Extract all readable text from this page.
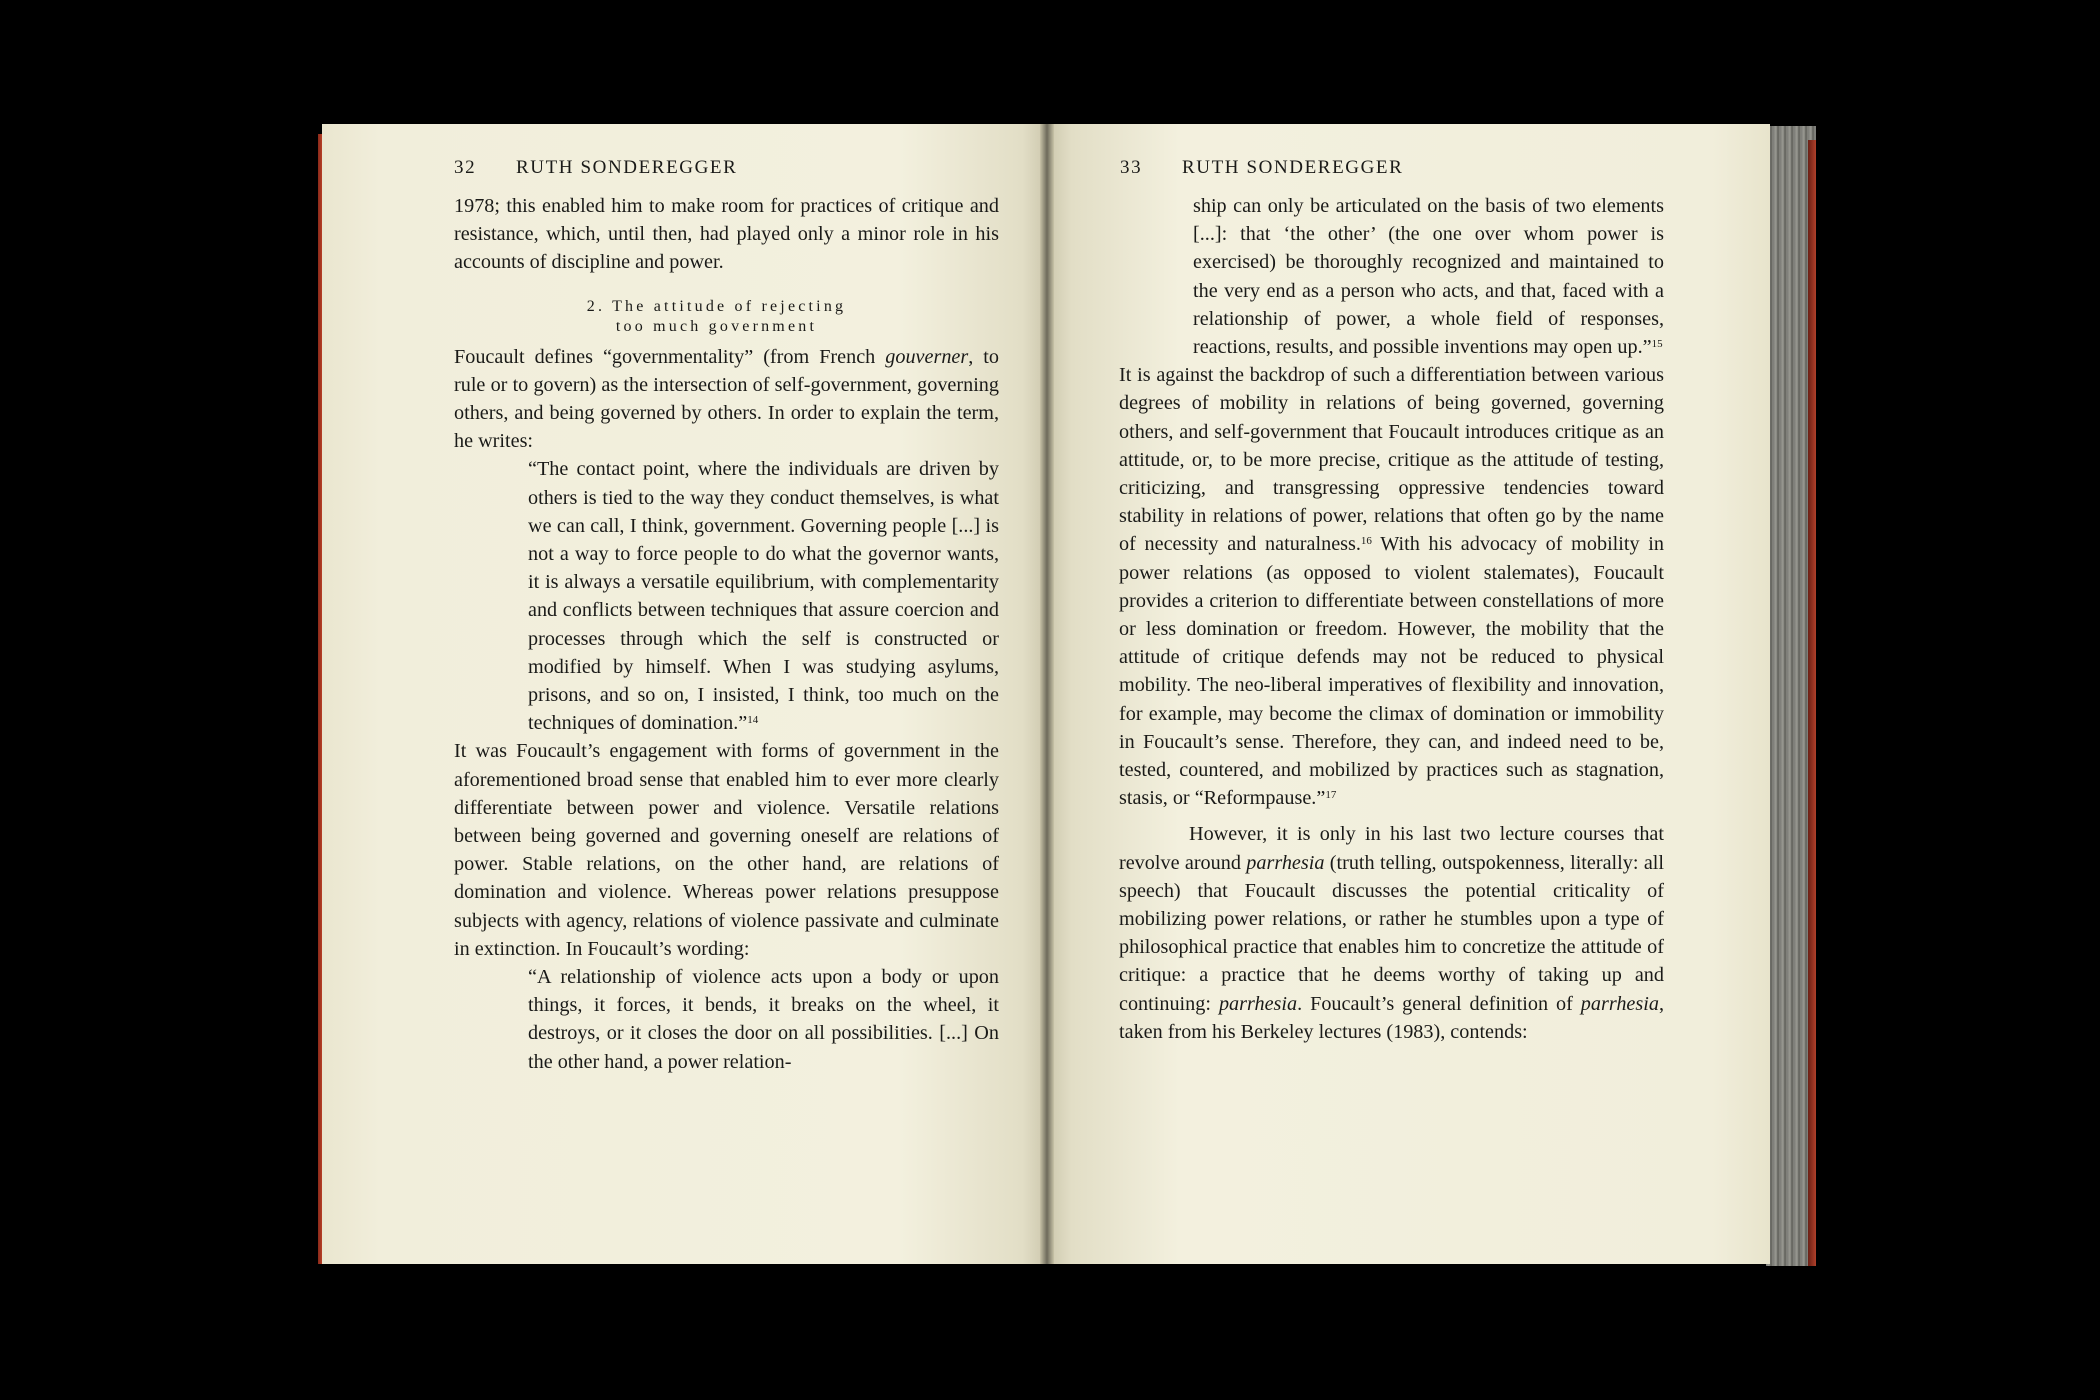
32 RUTH SONDEREGGER

1978; this enabled him to make room for practices of critique and resistance, which, until then, had played only a minor role in his accounts of discipline and power.

2. The attitude of rejecting
too much government

Foucault defines “governmentality” (from French gouverner, to rule or to govern) as the intersection of self-government, governing others, and being governed by others. In order to explain the term, he writes:

“The contact point, where the individuals are driven by others is tied to the way they conduct themselves, is what we can call, I think, government. Governing people [...] is not a way to force people to do what the governor wants, it is always a versatile equilibrium, with complementarity and conflicts between techniques that assure coercion and processes through which the self is constructed or modified by himself. When I was studying asylums, prisons, and so on, I insisted, I think, too much on the techniques of domination.”$^{14}$

It was Foucault’s engagement with forms of government in the aforementioned broad sense that enabled him to ever more clearly differentiate between power and violence. Versatile relations between being governed and governing oneself are relations of power. Stable relations, on the other hand, are relations of domination and violence. Whereas power relations presuppose subjects with agency, relations of violence passivate and culminate in extinction. In Foucault’s wording:

“A relationship of violence acts upon a body or upon things, it forces, it bends, it breaks on the wheel, it destroys, or it closes the door on all possibilities. [...] On the other hand, a power relation-

33 RUTH SONDEREGGER

ship can only be articulated on the basis of two elements [...]: that ‘the other’ (the one over whom power is exercised) be thoroughly recognized and maintained to the very end as a person who acts, and that, faced with a relationship of power, a whole field of responses, reactions, results, and possible inventions may open up.”$^{15}$

It is against the backdrop of such a differentiation between various degrees of mobility in relations of being governed, governing others, and self-government that Foucault introduces critique as an attitude, or, to be more precise, critique as the attitude of testing, criticizing, and transgressing oppressive tendencies toward stability in relations of power, relations that often go by the name of necessity and naturalness.$^{16}$ With his advocacy of mobility in power relations (as opposed to violent stalemates), Foucault provides a criterion to differentiate between constellations of more or less domination or freedom. However, the mobility that the attitude of critique defends may not be reduced to physical mobility. The neo-liberal imperatives of flexibility and innovation, for example, may become the climax of domination or immobility in Foucault’s sense. Therefore, they can, and indeed need to be, tested, countered, and mobilized by practices such as stagnation, stasis, or “Reformpause.”$^{17}$

However, it is only in his last two lecture courses that revolve around parrhesia (truth telling, outspokenness, literally: all speech) that Foucault discusses the potential criticality of mobilizing power relations, or rather he stumbles upon a type of philosophical practice that enables him to concretize the attitude of critique: a practice that he deems worthy of taking up and continuing: parrhesia. Foucault’s general definition of parrhesia, taken from his Berkeley lectures (1983), contends:
